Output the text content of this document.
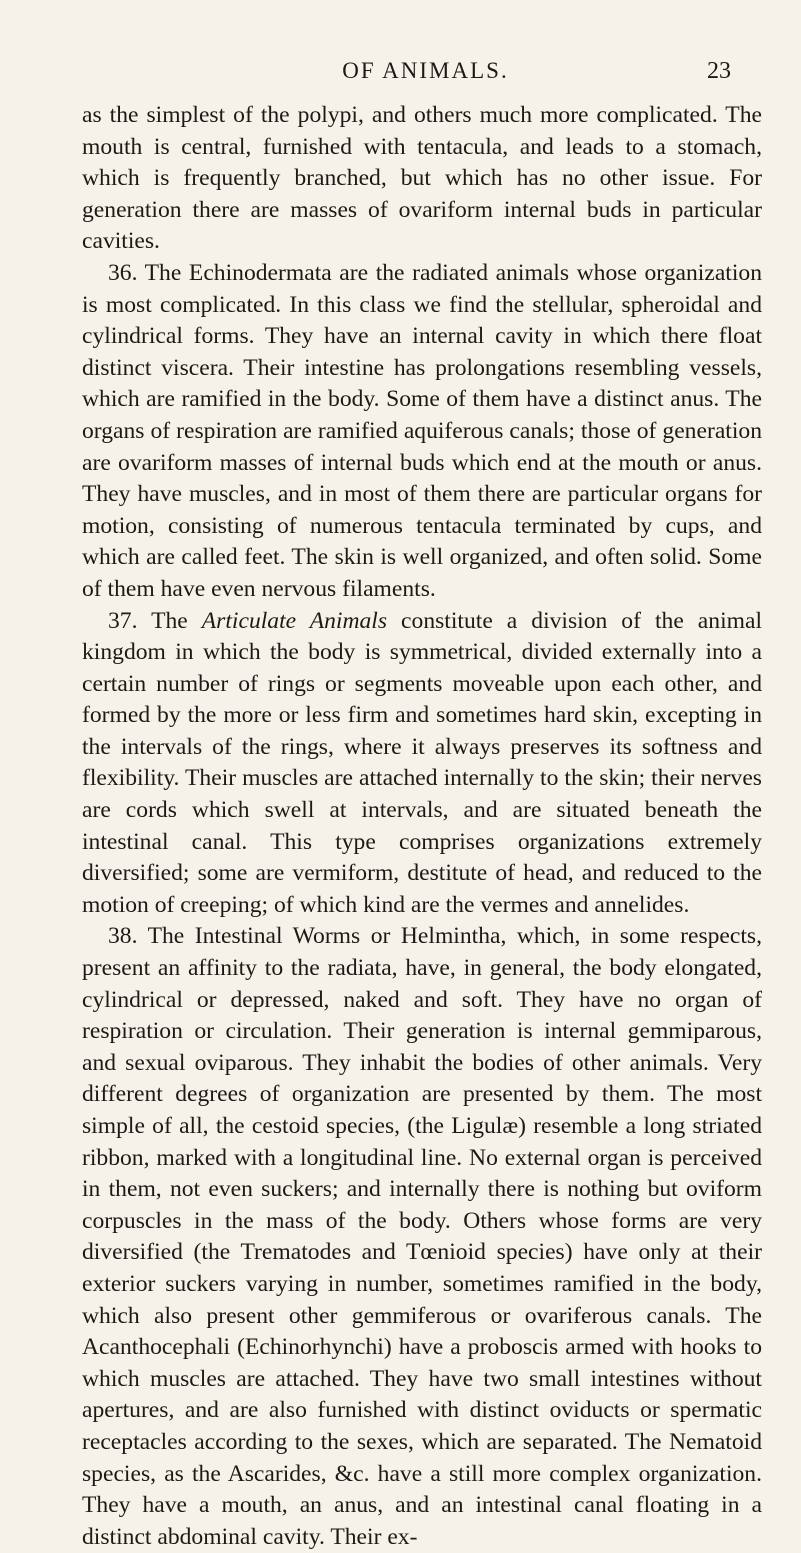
OF ANIMALS.	23

as the simplest of the polypi, and others much more complicated. The mouth is central, furnished with tentacula, and leads to a stomach, which is frequently branched, but which has no other issue. For generation there are masses of ovariform internal buds in particular cavities.

36. The Echinodermata are the radiated animals whose organization is most complicated. In this class we find the stellular, spheroidal and cylindrical forms. They have an internal cavity in which there float distinct viscera. Their intestine has prolongations resembling vessels, which are ramified in the body. Some of them have a distinct anus. The organs of respiration are ramified aquiferous canals; those of generation are ovariform masses of internal buds which end at the mouth or anus. They have muscles, and in most of them there are particular organs for motion, consisting of numerous tentacula terminated by cups, and which are called feet. The skin is well organized, and often solid. Some of them have even nervous filaments.

37. The Articulate Animals constitute a division of the animal kingdom in which the body is symmetrical, divided externally into a certain number of rings or segments moveable upon each other, and formed by the more or less firm and sometimes hard skin, excepting in the intervals of the rings, where it always preserves its softness and flexibility. Their muscles are attached internally to the skin; their nerves are cords which swell at intervals, and are situated beneath the intestinal canal. This type comprises organizations extremely diversified; some are vermiform, destitute of head, and reduced to the motion of creeping; of which kind are the vermes and annelides.

38. The Intestinal Worms or Helmintha, which, in some respects, present an affinity to the radiata, have, in general, the body elongated, cylindrical or depressed, naked and soft. They have no organ of respiration or circulation. Their generation is internal gemmiparous, and sexual oviparous. They inhabit the bodies of other animals. Very different degrees of organization are presented by them. The most simple of all, the cestoid species, (the Ligulæ) resemble a long striated ribbon, marked with a longitudinal line. No external organ is perceived in them, not even suckers; and internally there is nothing but oviform corpuscles in the mass of the body. Others whose forms are very diversified (the Trematodes and Tœnioid species) have only at their exterior suckers varying in number, sometimes ramified in the body, which also present other gemmiferous or ovariferous canals. The Acanthocephali (Echinorhynchi) have a proboscis armed with hooks to which muscles are attached. They have two small intestines without apertures, and are also furnished with distinct oviducts or spermatic receptacles according to the sexes, which are separated. The Nematoid species, as the Ascarides, &c. have a still more complex organization. They have a mouth, an anus, and an intestinal canal floating in a distinct abdominal cavity. Their ex-
